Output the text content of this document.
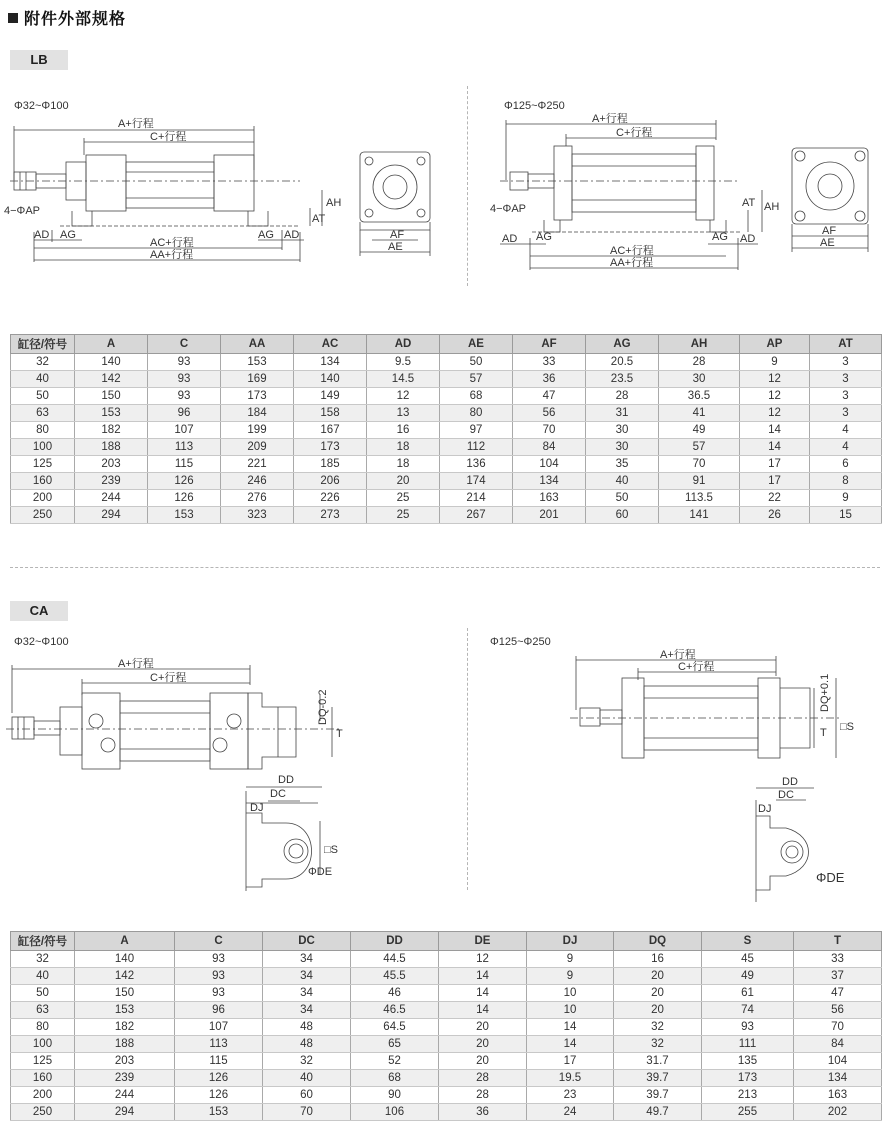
附件外部规格
LB
Φ32~Φ100	Φ125~Φ250
A+行程
C+行程
4−ΦAP
AD AG	AG AD
AC+行程
AA+行程
AT
AH
AF
AE
A+行程
C+行程
4−ΦAP
AD AG	AG AD
AC+行程
AA+行程
AT AH
AF
AE
缸径/符号	A	C	AA	AC	AD	AE	AF	AG	AH	AP	AT
32	140	93	153	134	9.5	50	33	20.5	28	9	3
40	142	93	169	140	14.5	57	36	23.5	30	12	3
50	150	93	173	149	12	68	47	28	36.5	12	3
63	153	96	184	158	13	80	56	31	41	12	3
80	182	107	199	167	16	97	70	30	49	14	4
100	188	113	209	173	18	112	84	30	57	14	4
125	203	115	221	185	18	136	104	35	70	17	6
160	239	126	246	206	20	174	134	40	91	17	8
200	244	126	276	226	25	214	163	50	113.5	22	9
250	294	153	323	273	25	267	201	60	141	26	15
CA
Φ32~Φ100	Φ125~Φ250
A+行程
C+行程
DQ-0.2
T
DD
DC
DJ
□S
ΦDE
A+行程
C+行程
DQ+0.1
T □S
DD
DC
DJ
ΦDE
缸径/符号	A	C	DC	DD	DE	DJ	DQ	S	T
32	140	93	34	44.5	12	9	16	45	33
40	142	93	34	45.5	14	9	20	49	37
50	150	93	34	46	14	10	20	61	47
63	153	96	34	46.5	14	10	20	74	56
80	182	107	48	64.5	20	14	32	93	70
100	188	113	48	65	20	14	32	111	84
125	203	115	32	52	20	17	31.7	135	104
160	239	126	40	68	28	19.5	39.7	173	134
200	244	126	60	90	28	23	39.7	213	163
250	294	153	70	106	36	24	49.7	255	202
